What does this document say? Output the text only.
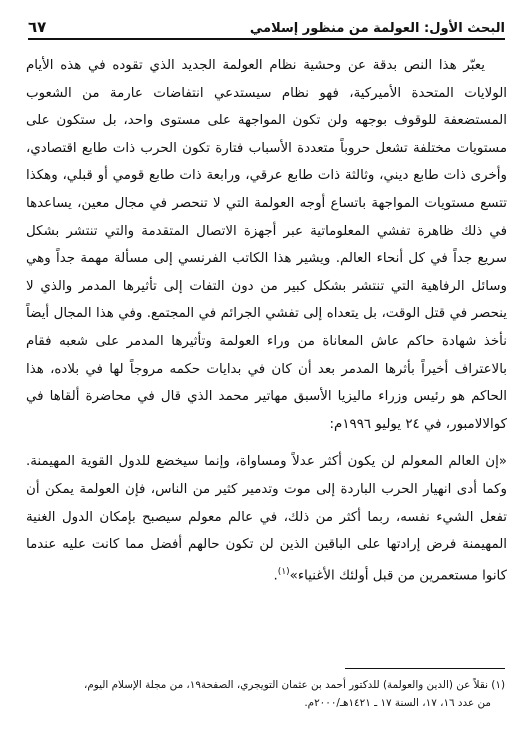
البحث الأول: العولمة من منظور إسلامي
٦٧

يعبّر هذا النص بدقة عن وحشية نظام العولمة الجديد الذي تقوده في هذه الأيام الولايات المتحدة الأميركية، فهو نظام سيستدعي انتفاضات عارمة من الشعوب المستضعفة للوقوف بوجهه ولن تكون المواجهة على مستوى واحد، بل ستكون على مستويات مختلفة تشعل حروباً متعددة الأسباب فتارة تكون الحرب ذات طابع اقتصادي، وأخرى ذات طابع ديني، وثالثة ذات طابع عرقي، ورابعة ذات طابع قومي أو قبلي، وهكذا تتسع مستويات المواجهة باتساع أوجه العولمة التي لا تنحصر في مجال معين، يساعدها في ذلك ظاهرة تفشي المعلوماتية عبر أجهزة الاتصال المتقدمة والتي تنتشر بشكل سريع جداً في كل أنحاء العالم. ويشير هذا الكاتب الفرنسي إلى مسألة مهمة جداً وهي وسائل الرفاهية التي تنتشر بشكل كبير من دون التفات إلى تأثيرها المدمر والذي لا ينحصر في قتل الوقت، بل يتعداه إلى تفشي الجرائم في المجتمع. وفي هذا المجال أيضاً نأخذ شهادة حاكم عاش المعاناة من وراء العولمة وتأثيرها المدمر على شعبه فقام بالاعتراف أخيراً بأثرها المدمر بعد أن كان في بدايات حكمه مروجاً لها في بلاده، هذا الحاكم هو رئيس وزراء ماليزيا الأسبق مهاتير محمد الذي قال في محاضرة ألقاها في كوالالامبور، في ٢٤ يوليو ١٩٩٦م:

«إن العالم المعولم لن يكون أكثر عدلاً ومساواة، وإنما سيخضع للدول القوية المهيمنة. وكما أدى انهيار الحرب الباردة إلى موت وتدمير كثير من الناس، فإن العولمة يمكن أن تفعل الشيء نفسه، ربما أكثر من ذلك، في عالم معولم سيصبح بإمكان الدول الغنية المهيمنة فرض إرادتها على الباقين الذين لن تكون حالهم أفضل مما كانت عليه عندما كانوا مستعمرين من قبل أولئك الأغنياء»$^{(١)}$.

(١) نقلاً عن (الدين والعولمة) للدكتور أحمد بن عثمان التويجري، الصفحة١٩، من مجلة الإسلام اليوم،

من عدد ١٦، ١٧، السنة ١٧ ـ ١٤٢١هـ/٢٠٠٠م.
